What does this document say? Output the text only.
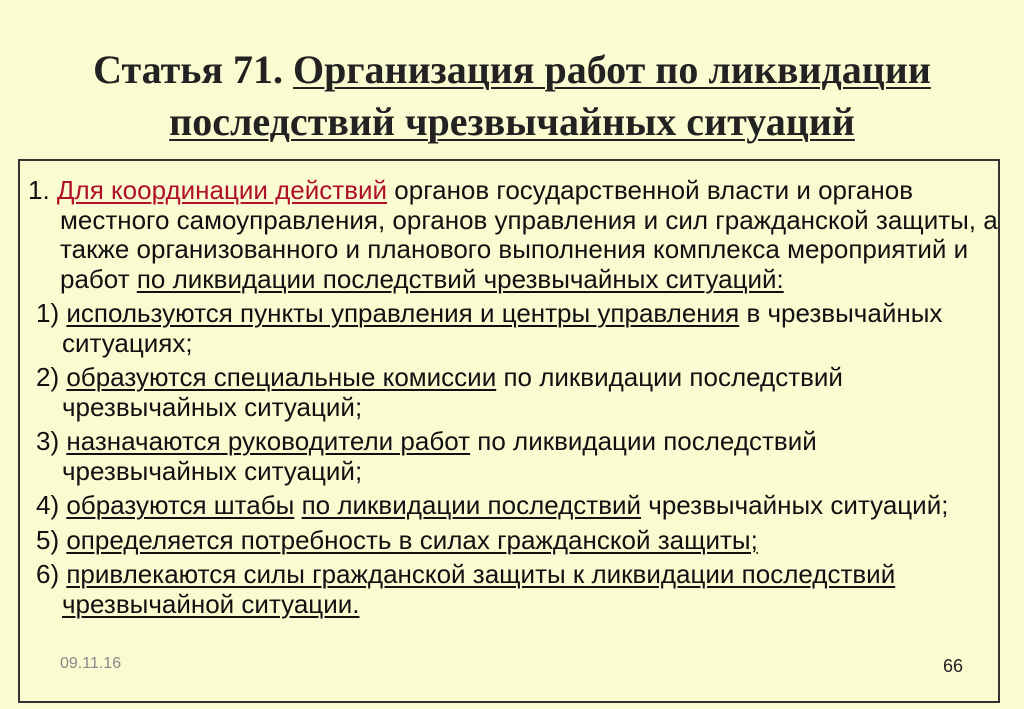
Статья 71. Организация работ по ликвидации
последствий чрезвычайных ситуаций
1. Для координации действий органов государственной власти и органов местного самоуправления, органов управления и сил гражданской защиты, а также организованного и планового выполнения комплекса мероприятий и работ по ликвидации последствий чрезвычайных ситуаций:
1) используются пункты управления и центры управления в чрезвычайных ситуациях;
2) образуются специальные комиссии по ликвидации последствий чрезвычайных ситуаций;
3) назначаются руководители работ по ликвидации последствий чрезвычайных ситуаций;
4) образуются штабы по ликвидации последствий чрезвычайных ситуаций;
5) определяется потребность в силах гражданской защиты;
6) привлекаются силы гражданской защиты к ликвидации последствий чрезвычайной ситуации.
09.11.16	66
